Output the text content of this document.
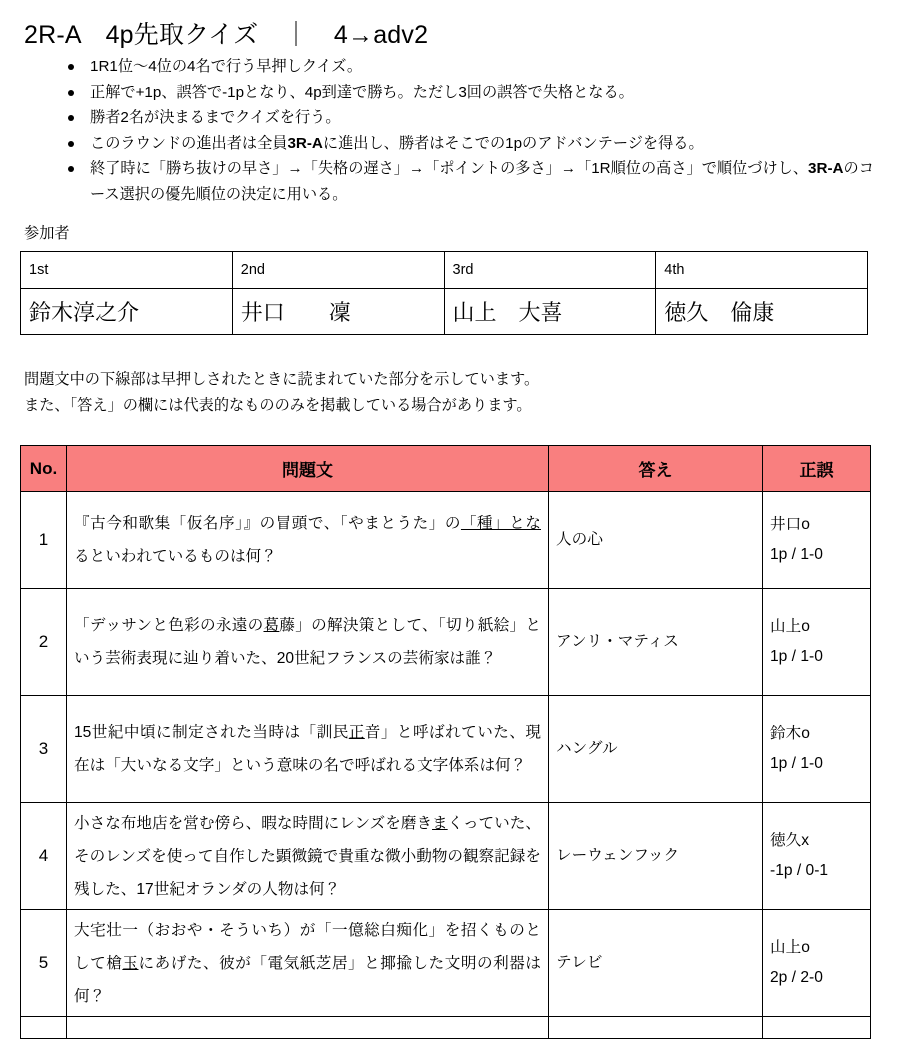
2R-A　4p先取クイズ　｜　4→adv2
1R1位〜4位の4名で行う早押しクイズ。
正解で+1p、誤答で-1pとなり、4p到達で勝ち。ただし3回の誤答で失格となる。
勝者2名が決まるまでクイズを行う。
このラウンドの進出者は全員3R-Aに進出し、勝者はそこでの1pのアドバンテージを得る。
終了時に「勝ち抜けの早さ」→「失格の遅さ」→「ポイントの多さ」→「1R順位の高さ」で順位づけし、3R-Aのコース選択の優先順位の決定に用いる。
参加者
1st	2nd	3rd	4th
鈴木淳之介	井口　　凜	山上　大喜	徳久　倫康
問題文中の下線部は早押しされたときに読まれていた部分を示しています。
また、「答え」の欄には代表的なもののみを掲載している場合があります。
No.	問題文	答え	正誤
1	『古今和歌集「仮名序」』の冒頭で、「やまとうた」の「種」となるといわれているものは何？	人の心	井口o
1p / 1-0

2	「デッサンと色彩の永遠の葛藤」の解決策として、「切り紙絵」という芸術表現に辿り着いた、20世紀フランスの芸術家は誰？	アンリ・マティス	山上o
1p / 1-0

3	15世紀中頃に制定された当時は「訓民正音」と呼ばれていた、現在は「大いなる文字」という意味の名で呼ばれる文字体系は何？	ハングル	鈴木o
1p / 1-0

4	小さな布地店を営む傍ら、暇な時間にレンズを磨きまくっていた、そのレンズを使って自作した顕微鏡で貴重な微小動物の観察記録を残した、17世紀オランダの人物は何？	レーウェンフック	徳久x
-1p / 0-1

5	大宅壮一（おおや・そういち）が「一億総白痴化」を招くものとして槍玉にあげた、彼が「電気紙芝居」と揶揄した文明の利器は何？	テレビ	山上o
2p / 2-0
